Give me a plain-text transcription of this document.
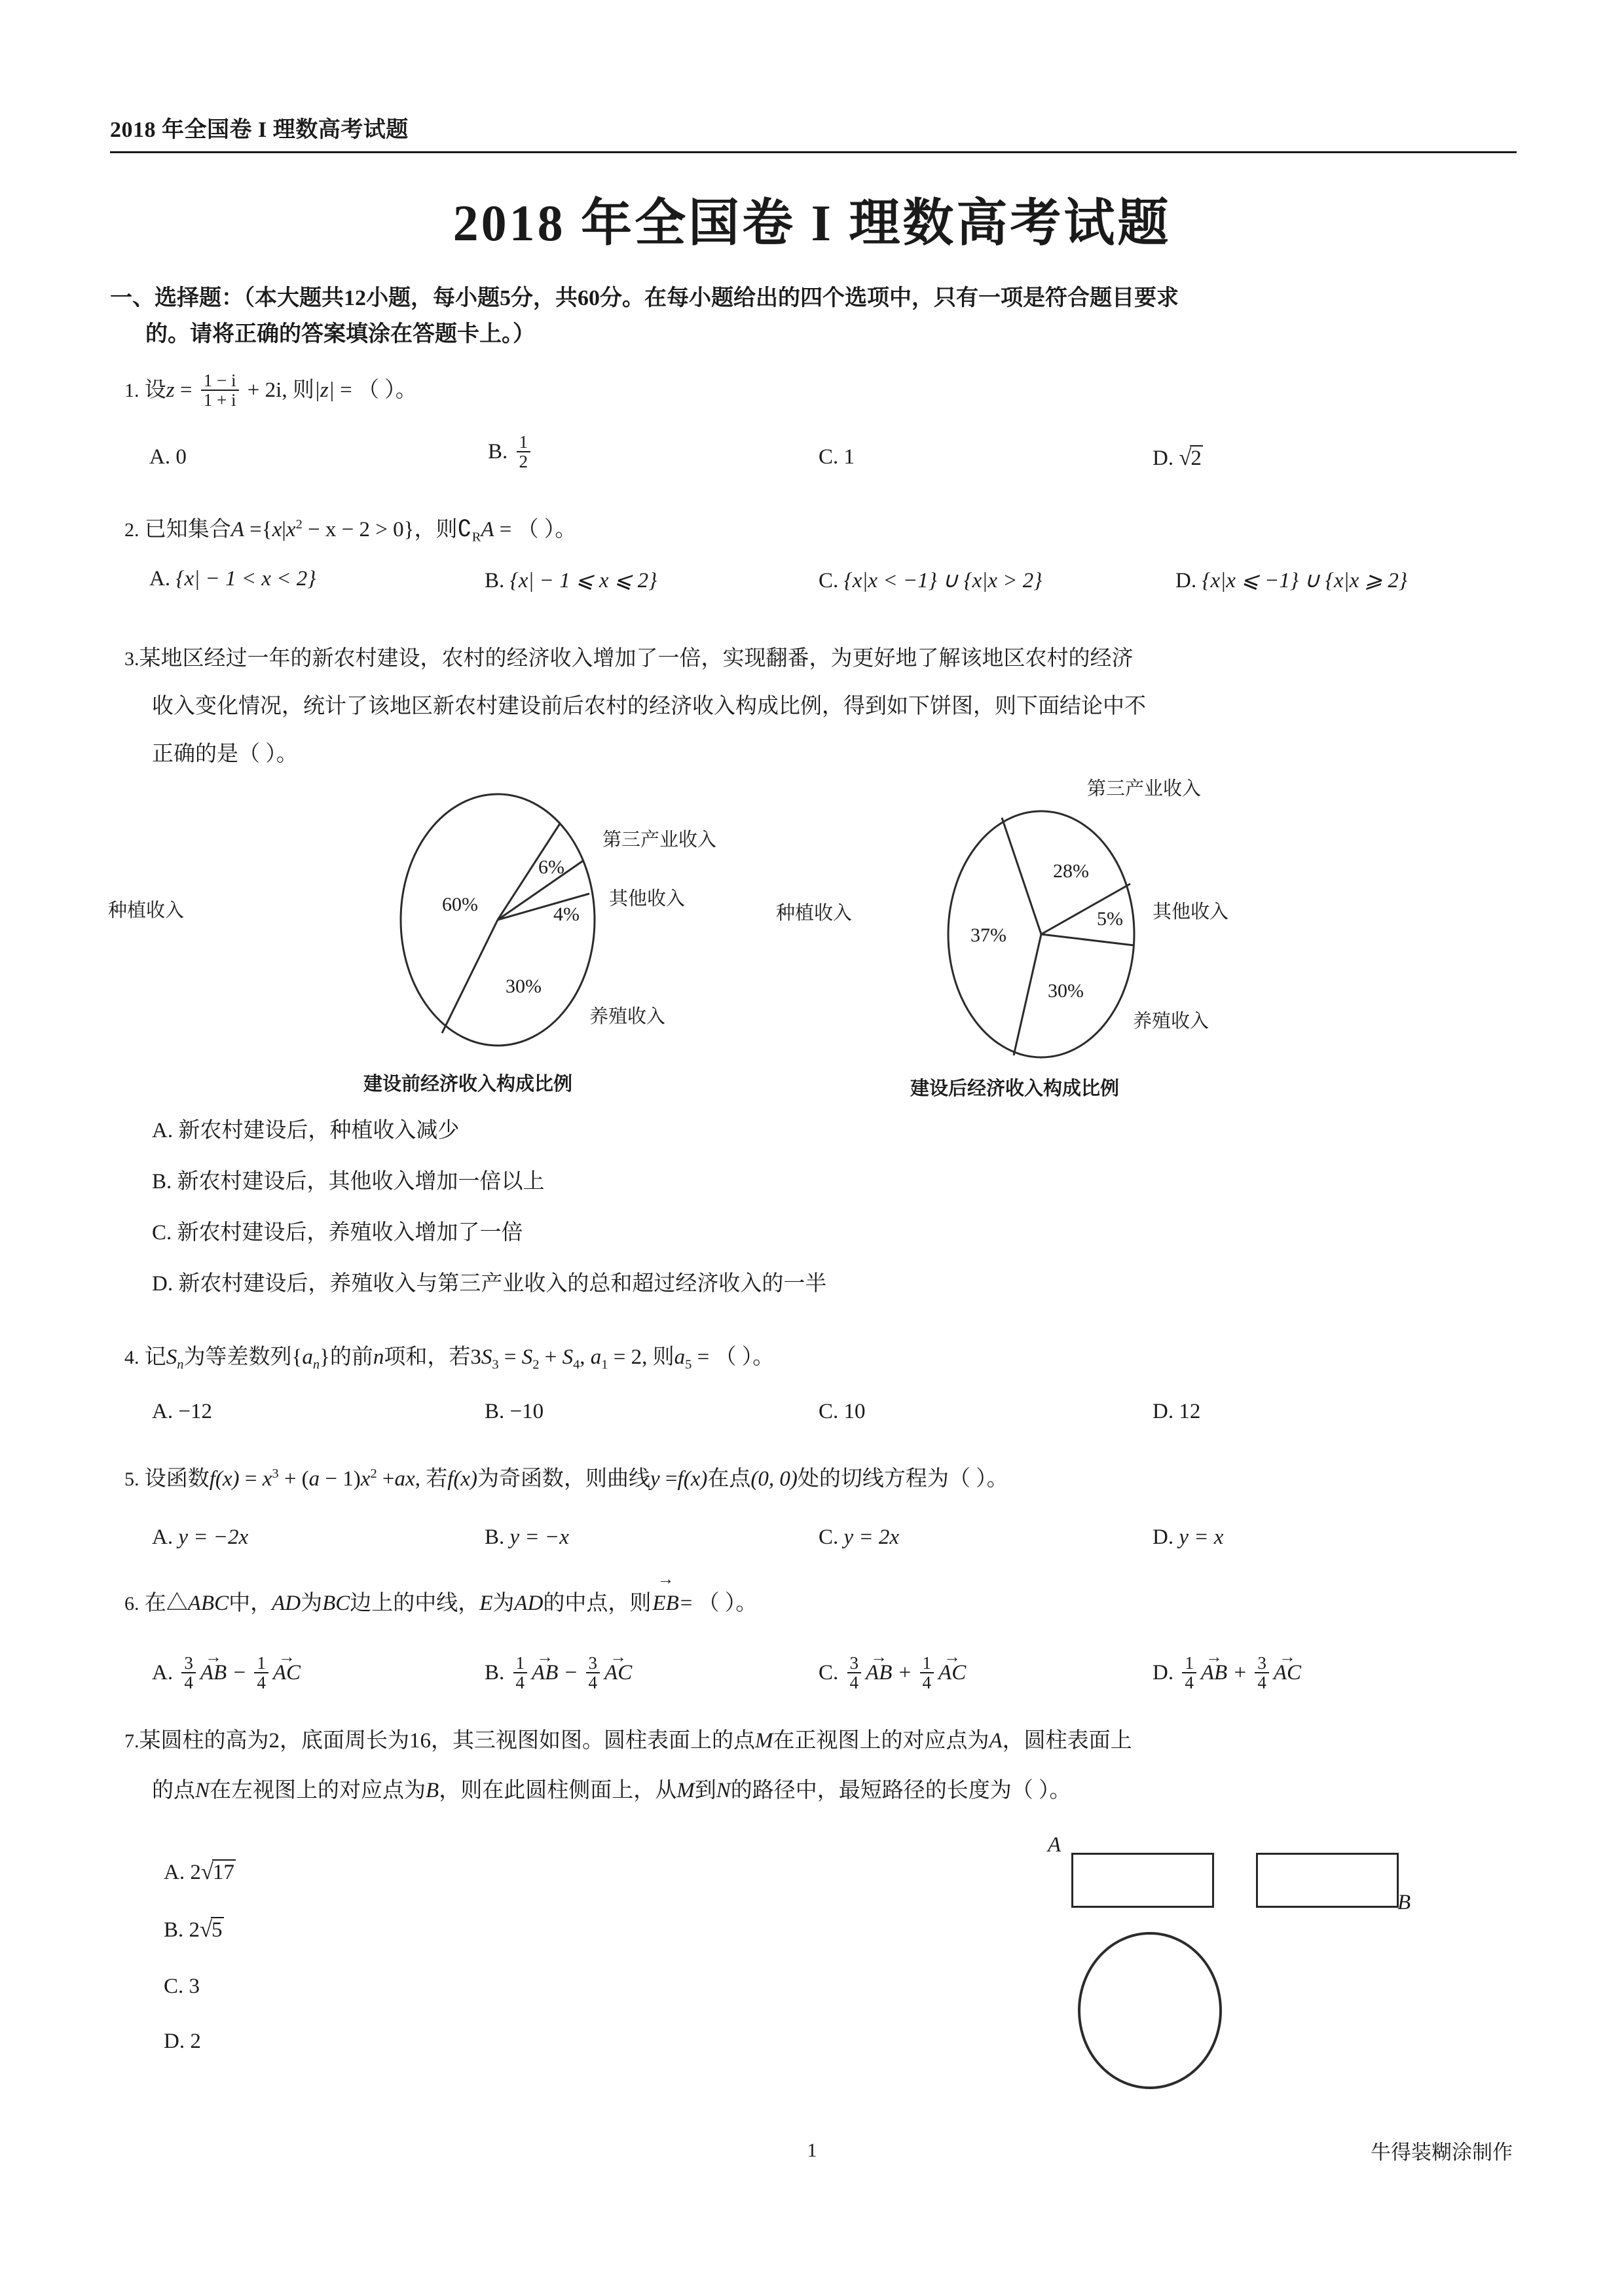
2018 年全国卷 I 理数高考试题
2018 年全国卷 I 理数高考试题
一、选择题：（本大题共12小题，每小题5分，共60分。在每小题给出的四个选项中，只有一项是符合题目要求
的。请将正确的答案填涂在答题卡上。）
1. 设$z = \frac{1 - i}{1 + i} + 2i$, 则|z| = （ ）。
A. 0	B. $\frac{1}{2}$	C. 1	D. √2
2. 已知集合$A =\{x|x^2 - x - 2 > 0\}$，则$∁_RA$ = （ ）。
A. {x| − 1 < x < 2}	B. {x| − 1 ⩽ x ⩽ 2}	C. {x|x < −1} ∪ {x|x > 2}	D. {x|x ⩽ −1} ∪ {x|x ⩾ 2}
3.某地区经过一年的新农村建设，农村的经济收入增加了一倍，实现翻番，为更好地了解该地区农村的经济
收入变化情况，统计了该地区新农村建设前后农村的经济收入构成比例，得到如下饼图，则下面结论中不
正确的是（ ）。
60%
6%
4%
30%
种植收入
第三产业收入
其他收入
养殖收入
建设前经济收入构成比例
28%
5%
30%
37%
种植收入
第三产业收入
其他收入
养殖收入
建设后经济收入构成比例
A. 新农村建设后，种植收入减少
B. 新农村建设后，其他收入增加一倍以上
C. 新农村建设后，养殖收入增加了一倍
D. 新农村建设后，养殖收入与第三产业收入的总和超过经济收入的一半
4. 记$S_n$为等差数列$\{a_n\}$的前n项和，若$3S_3 = S_2 + S_4$, $a_1 = 2$, 则$a_5$ = （ ）。
A. −12	B. −10	C. 10	D. 12
5. 设函数$f(x) = x^3 + (a - 1)x^2 +ax$, 若f(x)为奇函数，则曲线y =f(x)在点(0, 0)处的切线方程为（ ）。
A. y = −2x	B. y = −x	C. y = 2x	D. y = x
6. 在△ABC中，AD为BC边上的中线，E为AD的中点，则EB →= （ ）。
A. $\frac{3}{4}$ AB → − $\frac{1}{4}$ AC →	B. $\frac{1}{4}$ AB → − $\frac{3}{4}$ AC →	C. $\frac{3}{4}$ AB → + $\frac{1}{4}$ AC →	D. $\frac{1}{4}$ AB → + $\frac{3}{4}$ AC →
7.某圆柱的高为2，底面周长为16，其三视图如图。圆柱表面上的点M在正视图上的对应点为A，圆柱表面上
的点N在左视图上的对应点为B，则在此圆柱侧面上，从M到N的路径中，最短路径的长度为（ ）。
A. 2√17
B. 2√5
C. 3
D. 2
A
B
1	牛得装糊涂制作
